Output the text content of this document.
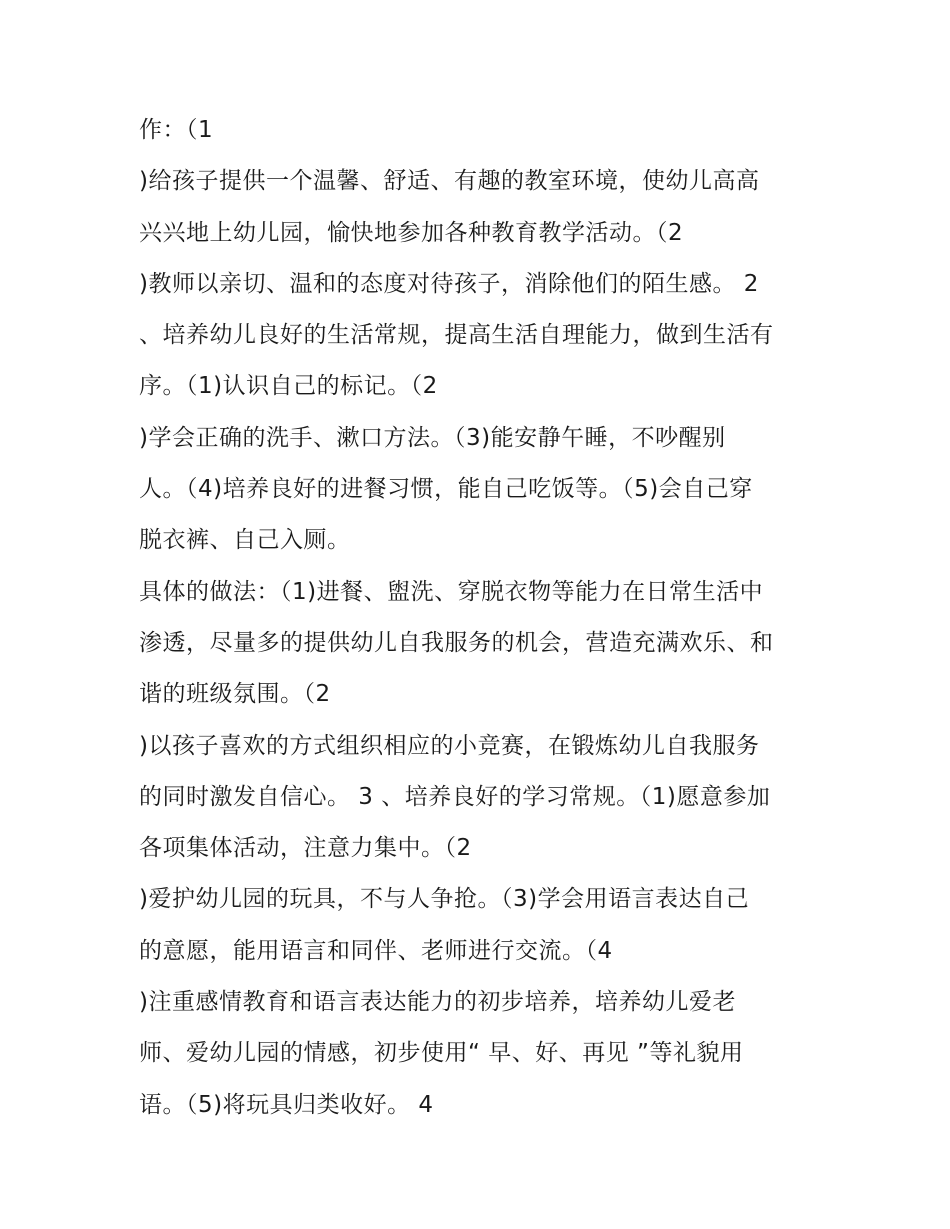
作：（1
)给孩子提供一个温馨、舒适、有趣的教室环境，使幼儿高高
兴兴地上幼儿园，愉快地参加各种教育教学活动。（2
)教师以亲切、温和的态度对待孩子，消除他们的陌生感。 2
、培养幼儿良好的生活常规，提高生活自理能力，做到生活有
序。（1)认识自己的标记。（2
)学会正确的洗手、漱口方法。（3)能安静午睡，不吵醒别
人。（4)培养良好的进餐习惯，能自己吃饭等。（5)会自己穿
脱衣裤、自己入厕。
具体的做法：（1)进餐、盥洗、穿脱衣物等能力在日常生活中
渗透，尽量多的提供幼儿自我服务的机会，营造充满欢乐、和
谐的班级氛围。（2
)以孩子喜欢的方式组织相应的小竞赛，在锻炼幼儿自我服务
的同时激发自信心。 3 、培养良好的学习常规。（1)愿意参加
各项集体活动，注意力集中。（2
)爱护幼儿园的玩具，不与人争抢。（3)学会用语言表达自己
的意愿，能用语言和同伴、老师进行交流。（4
)注重感情教育和语言表达能力的初步培养，培养幼儿爱老
师、爱幼儿园的情感，初步使用“ 早、好、再见 ”等礼貌用
语。（5)将玩具归类收好。 4
